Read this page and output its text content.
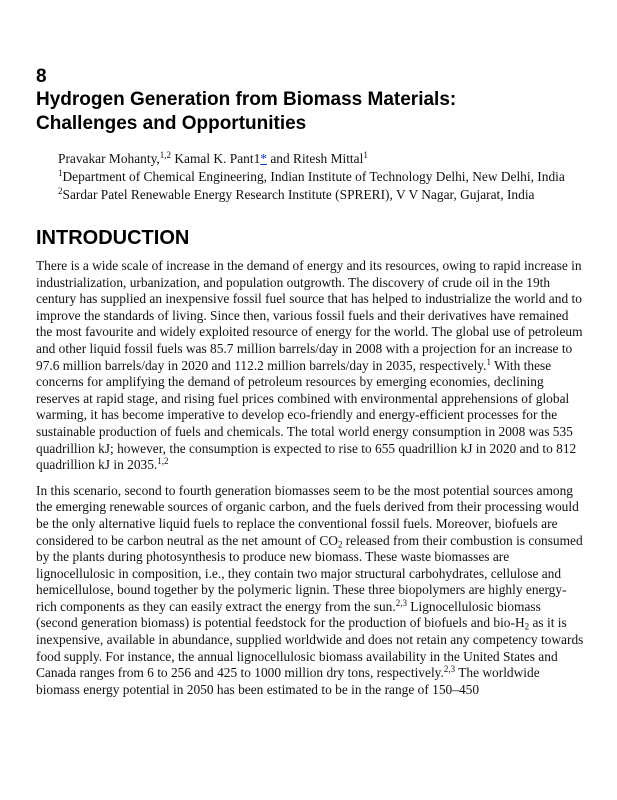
8
Hydrogen Generation from Biomass Materials:
Challenges and Opportunities

Pravakar Mohanty,$^{1,2}$ Kamal K. Pant1* and Ritesh Mittal$^1$

$^1$Department of Chemical Engineering, Indian Institute of Technology Delhi, New Delhi, India

$^2$Sardar Patel Renewable Energy Research Institute (SPRERI), V V Nagar, Gujarat, India

INTRODUCTION

There is a wide scale of increase in the demand of energy and its resources, owing to rapid increase in industrialization, urbanization, and population outgrowth. The discovery of crude oil in the 19th century has supplied an inexpensive fossil fuel source that has helped to industrialize the world and to improve the standards of living. Since then, various fossil fuels and their derivatives have remained the most favourite and widely exploited resource of energy for the world. The global use of petroleum and other liquid fossil fuels was 85.7 million barrels/day in 2008 with a projection for an increase to 97.6 million barrels/day in 2020 and 112.2 million barrels/day in 2035, respectively.$^1$ With these concerns for amplifying the demand of petroleum resources by emerging economies, declining reserves at rapid stage, and rising fuel prices combined with environmental apprehensions of global warming, it has become imperative to develop eco-friendly and energy-efficient processes for the sustainable production of fuels and chemicals. The total world energy consumption in 2008 was 535 quadrillion kJ; however, the consumption is expected to rise to 655 quadrillion kJ in 2020 and to 812 quadrillion kJ in 2035.$^{1,2}$

In this scenario, second to fourth generation biomasses seem to be the most potential sources among the emerging renewable sources of organic carbon, and the fuels derived from their processing would be the only alternative liquid fuels to replace the conventional fossil fuels. Moreover, biofuels are considered to be carbon neutral as the net amount of $CO_2$ released from their combustion is consumed by the plants during photosynthesis to produce new biomass. These waste biomasses are lignocellulosic in composition, i.e., they contain two major structural carbohydrates, cellulose and hemicellulose, bound together by the polymeric lignin. These three biopolymers are highly energy-rich components as they can easily extract the energy from the sun.$^{2,3}$ Lignocellulosic biomass (second generation biomass) is potential feedstock for the production of biofuels and bio-$H_2$ as it is inexpensive, available in abundance, supplied worldwide and does not retain any competency towards food supply. For instance, the annual lignocellulosic biomass availability in the United States and Canada ranges from 6 to 256 and 425 to 1000 million dry tons, respectively.$^{2,3}$ The worldwide biomass energy potential in 2050 has been estimated to be in the range of 150–450
